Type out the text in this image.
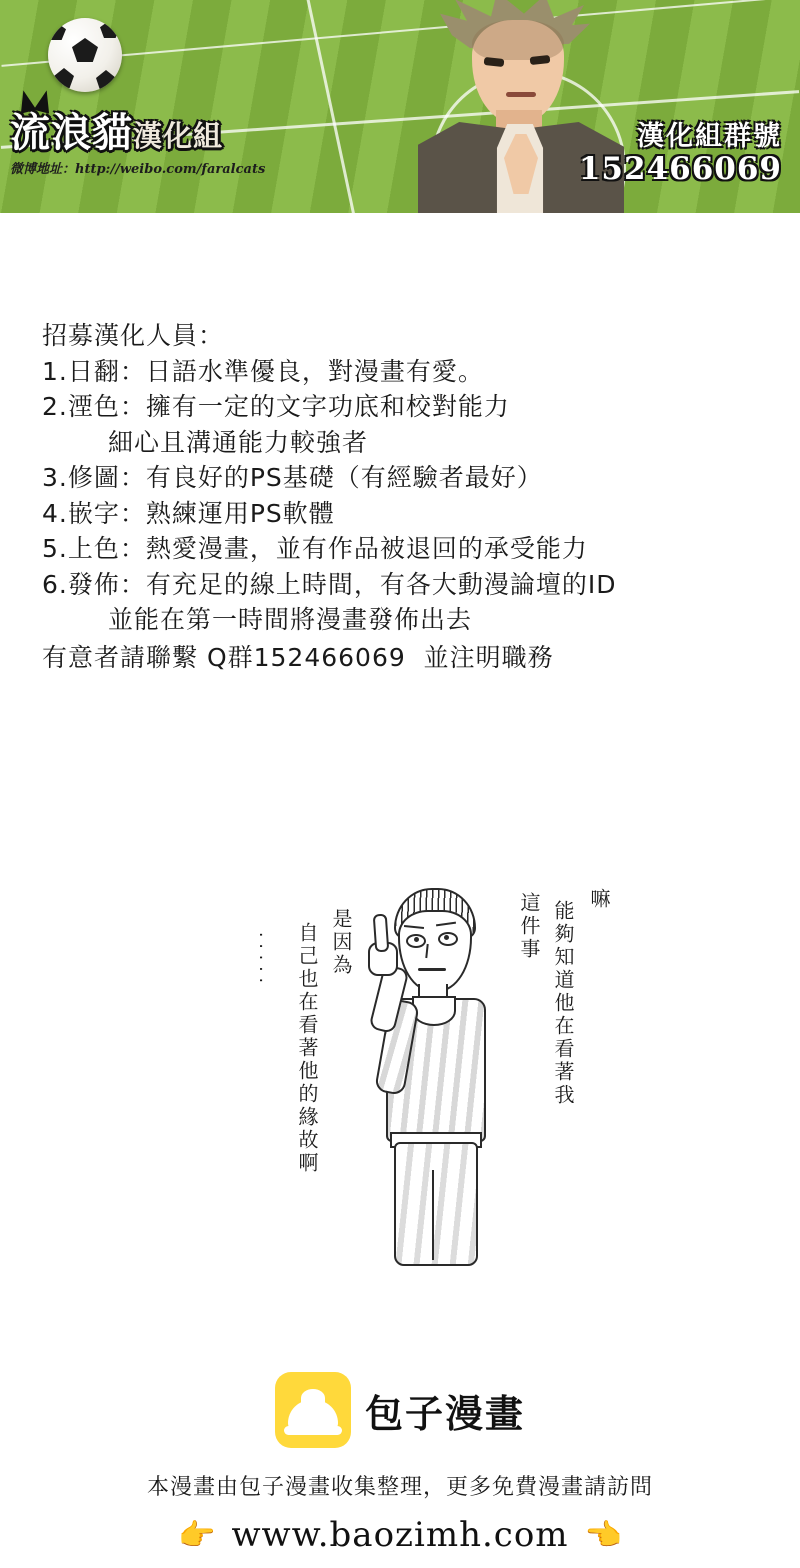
流浪貓漢化組
微博地址：http://weibo.com/faralcats
漢化組群號
152466069
招募漢化人員：
1.日翻：日語水準優良，對漫畫有愛。
2.湮色：擁有一定的文字功底和校對能力
細心且溝通能力較強者
3.修圖：有良好的PS基礎（有經驗者最好）
4.嵌字：熟練運用PS軟體
5.上色：熱愛漫畫，並有作品被退回的承受能力
6.發佈：有充足的線上時間，有各大動漫論壇的ID
並能在第一時間將漫畫發佈出去
有意者請聯繫 Q群152466069  並注明職務
嘛
能夠知道他在看著我
這件事
是因為
自己也在看著他的緣故啊
‧‧‧‧‧
包子漫畫
本漫畫由包子漫畫收集整理，更多免費漫畫請訪問
👉 www.baozimh.com 👈
